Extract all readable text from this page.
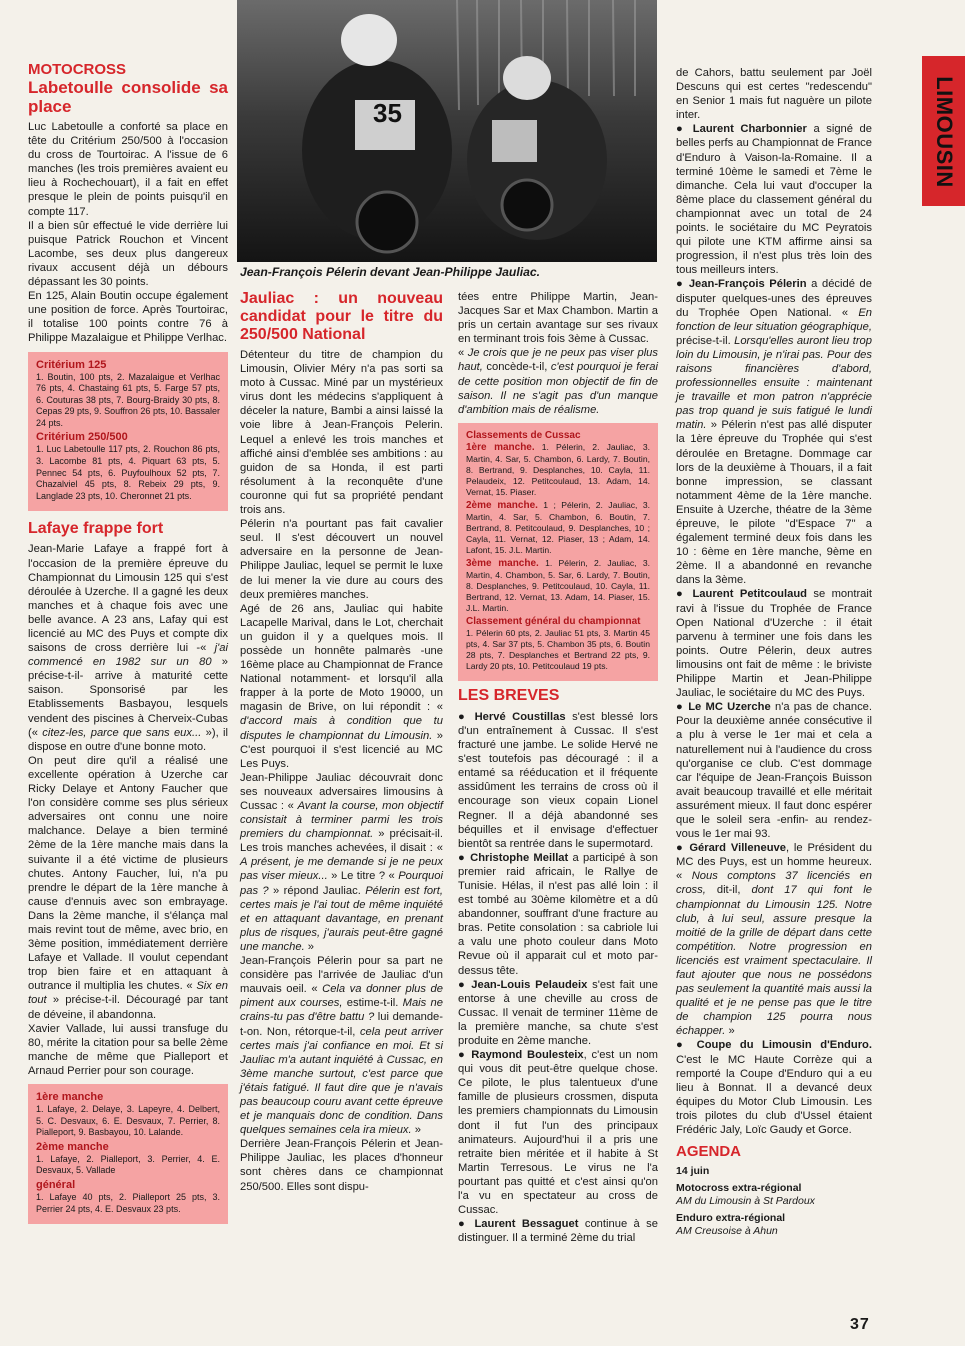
35
Jean-François Pélerin devant Jean-Philippe Jauliac.
LIMOUSIN
MOTOCROSS
Labetoulle consolide sa place

Luc Labetoulle a conforté sa place en tête du Critérium 250/500 à l'occasion du cross de Tourtoirac. A l'issue de 6 manches (les trois premières avaient eu lieu à Rochechouart), il a fait en effet presque le plein de points puisqu'il en compte 117.

Il a bien sûr effectué le vide derrière lui puisque Patrick Rouchon et Vincent Lacombe, ses deux plus dangereux rivaux accusent déjà un débours dépassant les 30 points.

En 125, Alain Boutin occupe également une position de force. Après Tourtoirac, il totalise 100 points contre 76 à Philippe Mazalaigue et Philippe Verlhac.

Critérium 125

1. Boutin, 100 pts, 2. Mazalaigue et Verlhac 76 pts, 4. Chastaing 61 pts, 5. Farge 57 pts, 6. Couturas 38 pts, 7. Bourg-Braidy 30 pts, 8. Cepas 29 pts, 9. Souffron 26 pts, 10. Bassaler 24 pts.

Critérium 250/500

1. Luc Labetoulle 117 pts, 2. Rouchon 86 pts, 3. Lacombe 81 pts, 4. Piquart 63 pts, 5. Pennec 54 pts, 6. Puyfoulhoux 52 pts, 7. Chazalviel 45 pts, 8. Rebeix 29 pts, 9. Langlade 23 pts, 10. Cheronnet 21 pts.

Lafaye frappe fort

Jean-Marie Lafaye a frappé fort à l'occasion de la première épreuve du Championnat du Limousin 125 qui s'est déroulée à Uzerche. Il a gagné les deux manches et à chaque fois avec une belle avance. A 23 ans, Lafay qui est licencié au MC des Puys et compte dix saisons de cross derrière lui -« j'ai commencé en 1982 sur un 80 » précise-t-il- arrive à maturité cette saison. Sponsorisé par les Etablissements Basbayou, lesquels vendent des piscines à Cherveix-Cubas (« citez-les, parce que sans eux... »), il dispose en outre d'une bonne moto.

On peut dire qu'il a réalisé une excellente opération à Uzerche car Ricky Delaye et Antony Faucher que l'on considère comme ses plus sérieux adversaires ont connu une noire malchance. Delaye a bien terminé 2ème de la 1ère manche mais dans la suivante il a été victime de plusieurs chutes. Antony Faucher, lui, n'a pu prendre le départ de la 1ère manche à cause d'ennuis avec son embrayage. Dans la 2ème manche, il s'élança mal mais revint tout de même, avec brio, en 3ème position, immédiatement derrière Lafaye et Vallade. Il voulut cependant trop bien faire et en attaquant à outrance il multiplia les chutes. « Six en tout » précise-t-il. Découragé par tant de déveine, il abandonna.

Xavier Vallade, lui aussi transfuge du 80, mérite la citation pour sa belle 2ème manche de même que Pialleport et Arnaud Perrier pour son courage.

1ère manche

1. Lafaye, 2. Delaye, 3. Lapeyre, 4. Delbert, 5. C. Desvaux, 6. E. Desvaux, 7. Perrier, 8. Pialleport, 9. Basbayou, 10. Lalande.

2ème manche

1. Lafaye, 2. Pialleport, 3. Perrier, 4. E. Desvaux, 5. Vallade

général

1. Lafaye 40 pts, 2. Pialleport 25 pts, 3. Perrier 24 pts, 4. E. Desvaux 23 pts.

Jauliac : un nouveau candidat pour le titre du 250/500 National

Détenteur du titre de champion du Limousin, Olivier Méry n'a pas sorti sa moto à Cussac. Miné par un mystérieux virus dont les médecins s'appliquent à déceler la nature, Bambi a ainsi laissé la voie libre à Jean-François Pelerin. Lequel a enlevé les trois manches et affiché ainsi d'emblée ses ambitions : au guidon de sa Honda, il est parti résolument à la reconquête d'une couronne qui fut sa propriété pendant trois ans.

Pélerin n'a pourtant pas fait cavalier seul. Il s'est découvert un nouvel adversaire en la personne de Jean-Philippe Jauliac, lequel se permit le luxe de lui mener la vie dure au cours des deux premières manches.

Agé de 26 ans, Jauliac qui habite Lacapelle Marival, dans le Lot, cherchait un guidon il y a quelques mois. Il possède un honnête palmarès -une 16ème place au Championnat de France National notamment- et lorsqu'il alla frapper à la porte de Moto 19000, un magasin de Brive, on lui répondit : « d'accord mais à condition que tu disputes le championnat du Limousin. » C'est pourquoi il s'est licencié au MC Les Puys.

Jean-Philippe Jauliac découvrait donc ses nouveaux adversaires limousins à Cussac : « Avant la course, mon objectif consistait à terminer parmi les trois premiers du championnat. » précisait-il. Les trois manches achevées, il disait : « A présent, je me demande si je ne peux pas viser mieux... » Le titre ? « Pourquoi pas ? » répond Jauliac. Pélerin est fort, certes mais je l'ai tout de même inquiété et en attaquant davantage, en prenant plus de risques, j'aurais peut-être gagné une manche. »

Jean-François Pélerin pour sa part ne considère pas l'arrivée de Jauliac d'un mauvais oeil. « Cela va donner plus de piment aux courses, estime-t-il. Mais ne crains-tu pas d'être battu ? lui demande-t-on. Non, rétorque-t-il, cela peut arriver certes mais j'ai confiance en moi. Et si Jauliac m'a autant inquiété à Cussac, en 3ème manche surtout, c'est parce que j'étais fatigué. Il faut dire que je n'avais pas beaucoup couru avant cette épreuve et je manquais donc de condition. Dans quelques semaines cela ira mieux. »

Derrière Jean-François Pélerin et Jean-Philippe Jauliac, les places d'honneur sont chères dans ce championnat 250/500. Elles sont dispu-

tées entre Philippe Martin, Jean-Jacques Sar et Max Chambon. Martin a pris un certain avantage sur ses rivaux en terminant trois fois 3ème à Cussac.

« Je crois que je ne peux pas viser plus haut, concède-t-il, c'est pourquoi je ferai de cette position mon objectif de fin de saison. Il ne s'agit pas d'un manque d'ambition mais de réalisme.

Classements de Cussac

1ère manche. 1. Pélerin, 2. Jauliac, 3. Martin, 4. Sar, 5. Chambon, 6. Lardy, 7. Boutin, 8. Bertrand, 9. Desplanches, 10. Cayla, 11. Pelaudeix, 12. Petitcoulaud, 13. Adam, 14. Vernat, 15. Piaser.

2ème manche. 1 ; Pélerin, 2. Jauliac, 3. Martin, 4. Sar, 5. Chambon, 6. Boutin, 7. Bertrand, 8. Petitcoulaud, 9. Desplanches, 10 ; Cayla, 11. Vernat, 12. Piaser, 13 ; Adam, 14. Lafont, 15. J.L. Martin.

3ème manche. 1. Pélerin, 2. Jauliac, 3. Martin, 4. Chambon, 5. Sar, 6. Lardy, 7. Boutin, 8. Desplanches, 9. Petitcoulaud, 10. Cayla, 11. Bertrand, 12. Vernat, 13. Adam, 14. Piaser, 15. J.L. Martin.

Classement général du championnat

1. Pélerin 60 pts, 2. Jauliac 51 pts, 3. Martin 45 pts, 4. Sar 37 pts, 5. Chambon 35 pts, 6. Boutin 28 pts, 7. Desplanches et Bertrand 22 pts, 9. Lardy 20 pts, 10. Petitcoulaud 19 pts.

LES BREVES

● Hervé Coustillas s'est blessé lors d'un entraînement à Cussac. Il s'est fracturé une jambe. Le solide Hervé ne s'est toutefois pas découragé : il a entamé sa rééducation et il fréquente assidûment les terrains de cross où il encourage son vieux copain Lionel Regner. Il a déjà abandonné ses béquilles et il envisage d'effectuer bientôt sa rentrée dans le supermotard.

● Christophe Meillat a participé à son premier raid africain, le Rallye de Tunisie. Hélas, il n'est pas allé loin : il est tombé au 30ème kilomètre et a dû abandonner, souffrant d'une fracture au bras. Petite consolation : sa cabriole lui a valu une photo couleur dans Moto Revue où il apparait cul et moto par-dessus tête.

● Jean-Louis Pelaudeix s'est fait une entorse à une cheville au cross de Cussac. Il venait de terminer 11ème de la première manche, sa chute s'est produite en 2ème manche.

● Raymond Boulesteix, c'est un nom qui vous dit peut-être quelque chose. Ce pilote, le plus talentueux d'une famille de plusieurs crossmen, disputa les premiers championnats du Limousin dont il fut l'un des principaux animateurs. Aujourd'hui il a pris une retraite bien méritée et il habite à St Martin Terresous. Le virus ne l'a pourtant pas quitté et c'est ainsi qu'on l'a vu en spectateur au cross de Cussac.

● Laurent Bessaguet continue à se distinguer. Il a terminé 2ème du trial

de Cahors, battu seulement par Joël Descuns qui est certes "redescendu" en Senior 1 mais fut naguère un pilote inter.

● Laurent Charbonnier a signé de belles perfs au Championnat de France d'Enduro à Vaison-la-Romaine. Il a terminé 10ème le samedi et 7ème le dimanche. Cela lui vaut d'occuper la 8ème place du classement général du championnat avec un total de 24 points. le sociétaire du MC Peyratois qui pilote une KTM affirme ainsi sa progression, il n'est plus très loin des tous meilleurs inters.

● Jean-François Pélerin a décidé de disputer quelques-unes des épreuves du Trophée Open National. « En fonction de leur situation géographique, précise-t-il. Lorsqu'elles auront lieu trop loin du Limousin, je n'irai pas. Pour des raisons financières d'abord, professionnelles ensuite : maintenant je travaille et mon patron n'apprécie pas trop quand je suis fatigué le lundi matin. » Pélerin n'est pas allé disputer la 1ère épreuve du Trophée qui s'est déroulée en Bretagne. Dommage car lors de la deuxième à Thouars, il a fait bonne impression, se classant notamment 4ème de la 1ère manche. Ensuite à Uzerche, théatre de la 3ème épreuve, le pilote "d'Espace 7" a également terminé deux fois dans les 10 : 6ème en 1ère manche, 9ème en 2ème. Il a abandonné en revanche dans la 3ème.

● Laurent Petitcoulaud se montrait ravi à l'issue du Trophée de France Open National d'Uzerche : il était parvenu à terminer une fois dans les points. Outre Pélerin, deux autres limousins ont fait de même : le briviste Philippe Martin et Jean-Philippe Jauliac, le sociétaire du MC des Puys.

● Le MC Uzerche n'a pas de chance. Pour la deuxième année consécutive il a plu à verse le 1er mai et cela a naturellement nui à l'audience du cross qu'organise ce club. C'est dommage car l'équipe de Jean-François Buisson avait beaucoup travaillé et elle méritait assurément mieux. Il faut donc espérer que le soleil sera -enfin- au rendez-vous le 1er mai 93.

● Gérard Villeneuve, le Président du MC des Puys, est un homme heureux. « Nous comptons 37 licenciés en cross, dit-il, dont 17 qui font le championnat du Limousin 125. Notre club, à lui seul, assure presque la moitié de la grille de départ dans cette compétition. Notre progression en licenciés est vraiment spectaculaire. Il faut ajouter que nous ne possédons pas seulement la quantité mais aussi la qualité et je ne pense pas que le titre de champion 125 pourra nous échapper. »

● Coupe du Limousin d'Enduro. C'est le MC Haute Corrèze qui a remporté la Coupe d'Enduro qui a eu lieu à Bonnat. Il a devancé deux équipes du Motor Club Limousin. Les trois pilotes du club d'Ussel étaient Frédéric Jaly, Loïc Gaudy et Gorce.

AGENDA
14 juin
Motocross extra-régional
AM du Limousin à St Pardoux
Enduro extra-régional
AM Creusoise à Ahun
37
